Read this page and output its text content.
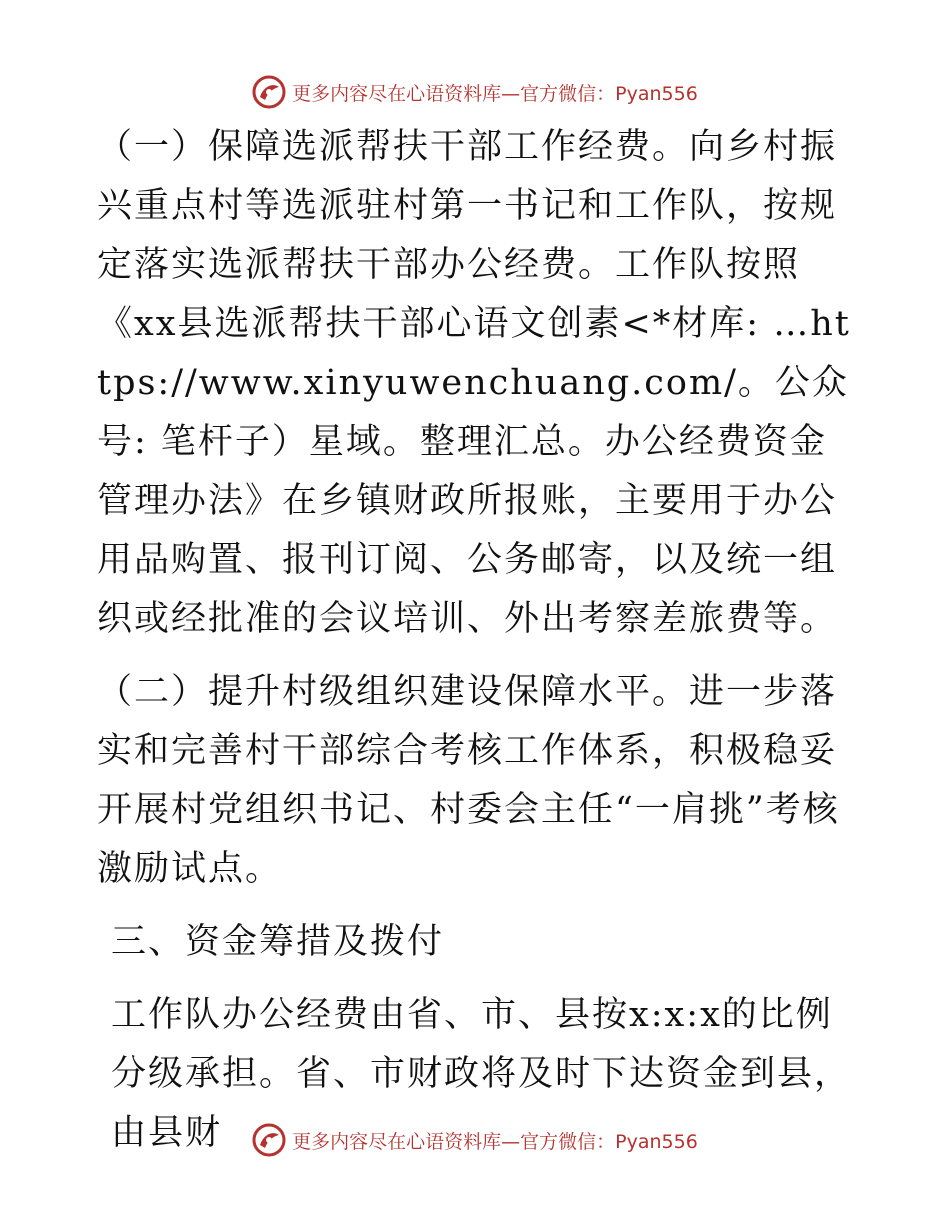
更多内容尽在心语资料库—官方微信：Pyan556

（一）保障选派帮扶干部工作经费。向乡村振兴重点村等选派驻村第一书记和工作队，按规定落实选派帮扶干部办公经费。工作队按照《xx县选派帮扶干部心语文创素<*材库: …https://www.xinyuwenchuang.com/。公众号: 笔杆子）星域。整理汇总。办公经费资金管理办法》在乡镇财政所报账，主要用于办公用品购置、报刊订阅、公务邮寄，以及统一组织或经批准的会议培训、外出考察差旅费等。

（二）提升村级组织建设保障水平。进一步落实和完善村干部综合考核工作体系，积极稳妥开展村党组织书记、村委会主任“一肩挑”考核激励试点。

三、资金筹措及拨付

工作队办公经费由省、市、县按x:x:x的比例分级承担。省、市财政将及时下达资金到县，由县财	更多内容尽在心语资料库—官方微信：Pyan556
